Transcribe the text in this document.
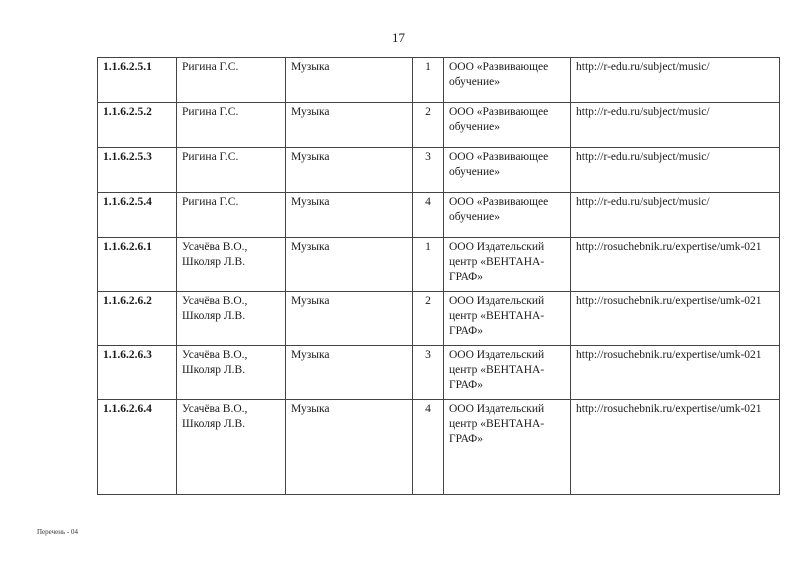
17
1.1.6.2.5.1	Ригина Г.С.	Музыка	1	ООО «Развивающее обучение»	http://r-edu.ru/subject/music/
1.1.6.2.5.2	Ригина Г.С.	Музыка	2	ООО «Развивающее обучение»	http://r-edu.ru/subject/music/
1.1.6.2.5.3	Ригина Г.С.	Музыка	3	ООО «Развивающее обучение»	http://r-edu.ru/subject/music/
1.1.6.2.5.4	Ригина Г.С.	Музыка	4	ООО «Развивающее обучение»	http://r-edu.ru/subject/music/
1.1.6.2.6.1	Усачёва В.О., Школяр Л.В.	Музыка	1	ООО Издательский центр «ВЕНТАНА-ГРАФ»	http://rosuchebnik.ru/expertise/umk-021
1.1.6.2.6.2	Усачёва В.О., Школяр Л.В.	Музыка	2	ООО Издательский центр «ВЕНТАНА-ГРАФ»	http://rosuchebnik.ru/expertise/umk-021
1.1.6.2.6.3	Усачёва В.О., Школяр Л.В.	Музыка	3	ООО Издательский центр «ВЕНТАНА-ГРАФ»	http://rosuchebnik.ru/expertise/umk-021
1.1.6.2.6.4	Усачёва В.О., Школяр Л.В.	Музыка	4	ООО Издательский центр «ВЕНТАНА-ГРАФ»	http://rosuchebnik.ru/expertise/umk-021
Перечень - 04
